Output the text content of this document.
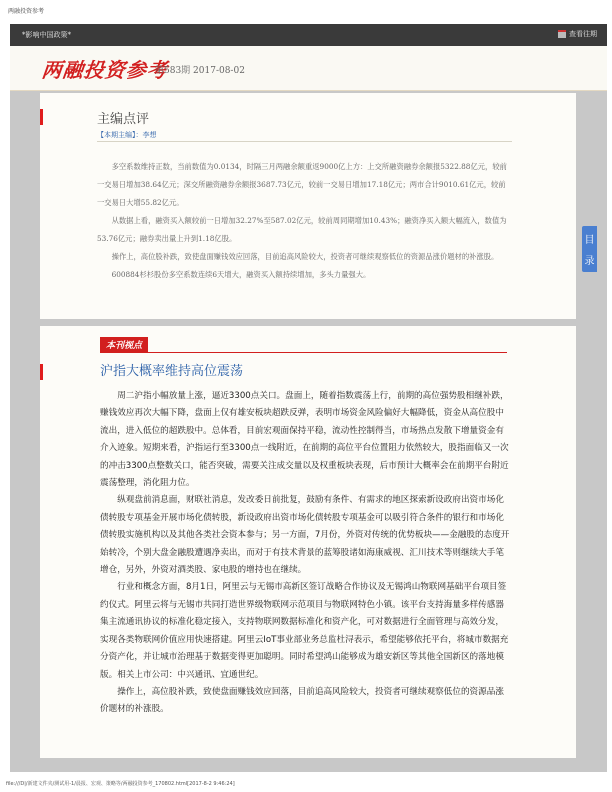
两融投资参考
*影响中国政策*	查看往期
两融投资参考
第583期 2017-08-02
主编点评
【本期主编】：李想

多空系数维持正数，当前数值为0.0134，时隔三月两融余额重返9000亿上方：上交所融资融券余额报5322.88亿元，较前一交易日增加38.64亿元；深交所融资融券余额报3687.73亿元，较前一交易日增加17.18亿元；两市合计9010.61亿元，较前一交易日大增55.82亿元。

从数据上看，融资买入额较前一日增加32.27%至587.02亿元，较前周同期增加10.43%；融资净买入额大幅流入，数值为53.76亿元；融券卖出量上升到1.18亿股。

操作上，高位股补跌，致使盘面赚钱效应回落，目前追高风险较大，投资者可继续观察低位的资源品涨价题材的补涨股。

600884杉杉股份多空系数连续6天增大，融资买入额持续增加，多头力量强大。

目
录
本刊视点
沪指大概率维持高位震荡

周二沪指小幅放量上涨，逼近3300点关口。盘面上，随着指数震荡上行，前期的高位强势股相继补跌，赚钱效应再次大幅下降，盘面上仅有雄安板块超跌反弹，表明市场资金风险偏好大幅降低，资金从高位股中流出，进入低位的超跌股中。总体看，目前宏观面保持平稳，流动性控制得当，市场热点发散下增量资金有介入迹象。短期来看，沪指运行至3300点一线附近，在前期的高位平台位置阻力依然较大，股指面临又一次的冲击3300点整数关口，能否突破，需要关注成交量以及权重板块表现，后市预计大概率会在前期平台附近震荡整理，消化阻力位。

纵观盘前消息面，财联社消息，发改委日前批复，鼓励有条件、有需求的地区探索新设政府出资市场化债转股专项基金开展市场化债转股，新设政府出资市场化债转股专项基金可以吸引符合条件的银行和市场化债转股实施机构以及其他各类社会资本参与；另一方面，7月份，外资对传统的优势板块——金融股的态度开始转冷，个别大盘金融股遭遇净卖出，而对于有技术背景的蓝筹股诸如海康威视、汇川技术等则继续大手笔增仓，另外，外资对酒类股、家电股的增持也在继续。

行业和概念方面，8月1日，阿里云与无锡市高新区签订战略合作协议及无锡鸿山物联网基础平台项目签约仪式。阿里云将与无锡市共同打造世界级物联网示范项目与物联网特色小镇。该平台支持海量多样传感器集主流通讯协议的标准化稳定接入，支持物联网数据标准化和资产化，可对数据进行全面管理与高效分发，实现各类物联网价值应用快速搭建。阿里云IoT事业部业务总监杜浔表示，希望能够依托平台，将城市数据充分资产化，并让城市治理基于数据变得更加聪明。同时希望鸿山能够成为雄安新区等其他全国新区的落地模版。相关上市公司：中兴通讯、宜通世纪。

操作上，高位股补跌，致使盘面赚钱效应回落，目前追高风险较大，投资者可继续观察低位的资源品涨价题材的补涨股。

file:///D|/新建文件夹/测试用-1/晨报、宏观、策略等/两融投资参考_170802.html[2017-8-2 9:46:24]
